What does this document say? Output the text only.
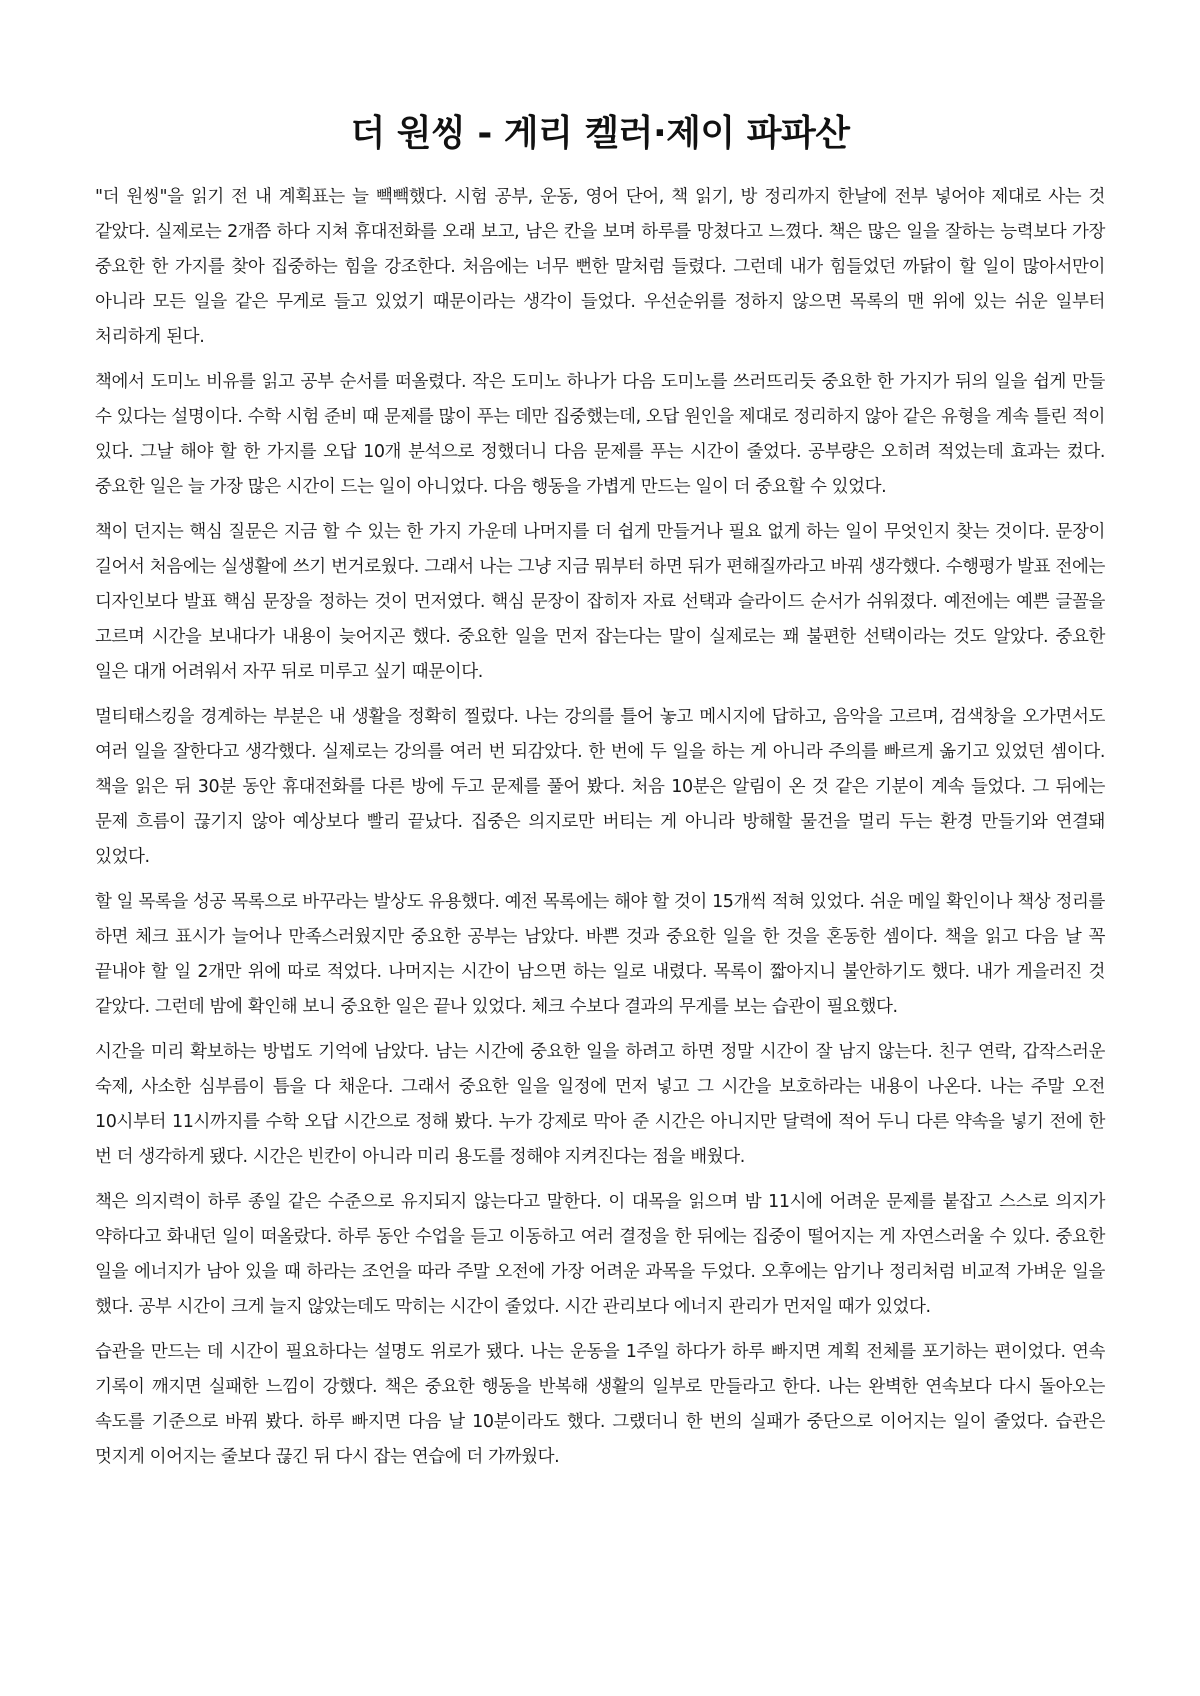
더 원씽 - 게리 켈러·제이 파파산

"더 원씽"을 읽기 전 내 계획표는 늘 빽빽했다. 시험 공부, 운동, 영어 단어, 책 읽기, 방 정리까지 한날에 전부 넣어야 제대로 사는 것 같았다. 실제로는 2개쯤 하다 지쳐 휴대전화를 오래 보고, 남은 칸을 보며 하루를 망쳤다고 느꼈다. 책은 많은 일을 잘하는 능력보다 가장 중요한 한 가지를 찾아 집중하는 힘을 강조한다. 처음에는 너무 뻔한 말처럼 들렸다. 그런데 내가 힘들었던 까닭이 할 일이 많아서만이 아니라 모든 일을 같은 무게로 들고 있었기 때문이라는 생각이 들었다. 우선순위를 정하지 않으면 목록의 맨 위에 있는 쉬운 일부터 처리하게 된다.

책에서 도미노 비유를 읽고 공부 순서를 떠올렸다. 작은 도미노 하나가 다음 도미노를 쓰러뜨리듯 중요한 한 가지가 뒤의 일을 쉽게 만들 수 있다는 설명이다. 수학 시험 준비 때 문제를 많이 푸는 데만 집중했는데, 오답 원인을 제대로 정리하지 않아 같은 유형을 계속 틀린 적이 있다. 그날 해야 할 한 가지를 오답 10개 분석으로 정했더니 다음 문제를 푸는 시간이 줄었다. 공부량은 오히려 적었는데 효과는 컸다. 중요한 일은 늘 가장 많은 시간이 드는 일이 아니었다. 다음 행동을 가볍게 만드는 일이 더 중요할 수 있었다.

책이 던지는 핵심 질문은 지금 할 수 있는 한 가지 가운데 나머지를 더 쉽게 만들거나 필요 없게 하는 일이 무엇인지 찾는 것이다. 문장이 길어서 처음에는 실생활에 쓰기 번거로웠다. 그래서 나는 그냥 지금 뭐부터 하면 뒤가 편해질까라고 바꿔 생각했다. 수행평가 발표 전에는 디자인보다 발표 핵심 문장을 정하는 것이 먼저였다. 핵심 문장이 잡히자 자료 선택과 슬라이드 순서가 쉬워졌다. 예전에는 예쁜 글꼴을 고르며 시간을 보내다가 내용이 늦어지곤 했다. 중요한 일을 먼저 잡는다는 말이 실제로는 꽤 불편한 선택이라는 것도 알았다. 중요한 일은 대개 어려워서 자꾸 뒤로 미루고 싶기 때문이다.

멀티태스킹을 경계하는 부분은 내 생활을 정확히 찔렀다. 나는 강의를 틀어 놓고 메시지에 답하고, 음악을 고르며, 검색창을 오가면서도 여러 일을 잘한다고 생각했다. 실제로는 강의를 여러 번 되감았다. 한 번에 두 일을 하는 게 아니라 주의를 빠르게 옮기고 있었던 셈이다. 책을 읽은 뒤 30분 동안 휴대전화를 다른 방에 두고 문제를 풀어 봤다. 처음 10분은 알림이 온 것 같은 기분이 계속 들었다. 그 뒤에는 문제 흐름이 끊기지 않아 예상보다 빨리 끝났다. 집중은 의지로만 버티는 게 아니라 방해할 물건을 멀리 두는 환경 만들기와 연결돼 있었다.

할 일 목록을 성공 목록으로 바꾸라는 발상도 유용했다. 예전 목록에는 해야 할 것이 15개씩 적혀 있었다. 쉬운 메일 확인이나 책상 정리를 하면 체크 표시가 늘어나 만족스러웠지만 중요한 공부는 남았다. 바쁜 것과 중요한 일을 한 것을 혼동한 셈이다. 책을 읽고 다음 날 꼭 끝내야 할 일 2개만 위에 따로 적었다. 나머지는 시간이 남으면 하는 일로 내렸다. 목록이 짧아지니 불안하기도 했다. 내가 게을러진 것 같았다. 그런데 밤에 확인해 보니 중요한 일은 끝나 있었다. 체크 수보다 결과의 무게를 보는 습관이 필요했다.

시간을 미리 확보하는 방법도 기억에 남았다. 남는 시간에 중요한 일을 하려고 하면 정말 시간이 잘 남지 않는다. 친구 연락, 갑작스러운 숙제, 사소한 심부름이 틈을 다 채운다. 그래서 중요한 일을 일정에 먼저 넣고 그 시간을 보호하라는 내용이 나온다. 나는 주말 오전 10시부터 11시까지를 수학 오답 시간으로 정해 봤다. 누가 강제로 막아 준 시간은 아니지만 달력에 적어 두니 다른 약속을 넣기 전에 한 번 더 생각하게 됐다. 시간은 빈칸이 아니라 미리 용도를 정해야 지켜진다는 점을 배웠다.

책은 의지력이 하루 종일 같은 수준으로 유지되지 않는다고 말한다. 이 대목을 읽으며 밤 11시에 어려운 문제를 붙잡고 스스로 의지가 약하다고 화내던 일이 떠올랐다. 하루 동안 수업을 듣고 이동하고 여러 결정을 한 뒤에는 집중이 떨어지는 게 자연스러울 수 있다. 중요한 일을 에너지가 남아 있을 때 하라는 조언을 따라 주말 오전에 가장 어려운 과목을 두었다. 오후에는 암기나 정리처럼 비교적 가벼운 일을 했다. 공부 시간이 크게 늘지 않았는데도 막히는 시간이 줄었다. 시간 관리보다 에너지 관리가 먼저일 때가 있었다.

습관을 만드는 데 시간이 필요하다는 설명도 위로가 됐다. 나는 운동을 1주일 하다가 하루 빠지면 계획 전체를 포기하는 편이었다. 연속 기록이 깨지면 실패한 느낌이 강했다. 책은 중요한 행동을 반복해 생활의 일부로 만들라고 한다. 나는 완벽한 연속보다 다시 돌아오는 속도를 기준으로 바꿔 봤다. 하루 빠지면 다음 날 10분이라도 했다. 그랬더니 한 번의 실패가 중단으로 이어지는 일이 줄었다. 습관은 멋지게 이어지는 줄보다 끊긴 뒤 다시 잡는 연습에 더 가까웠다.
